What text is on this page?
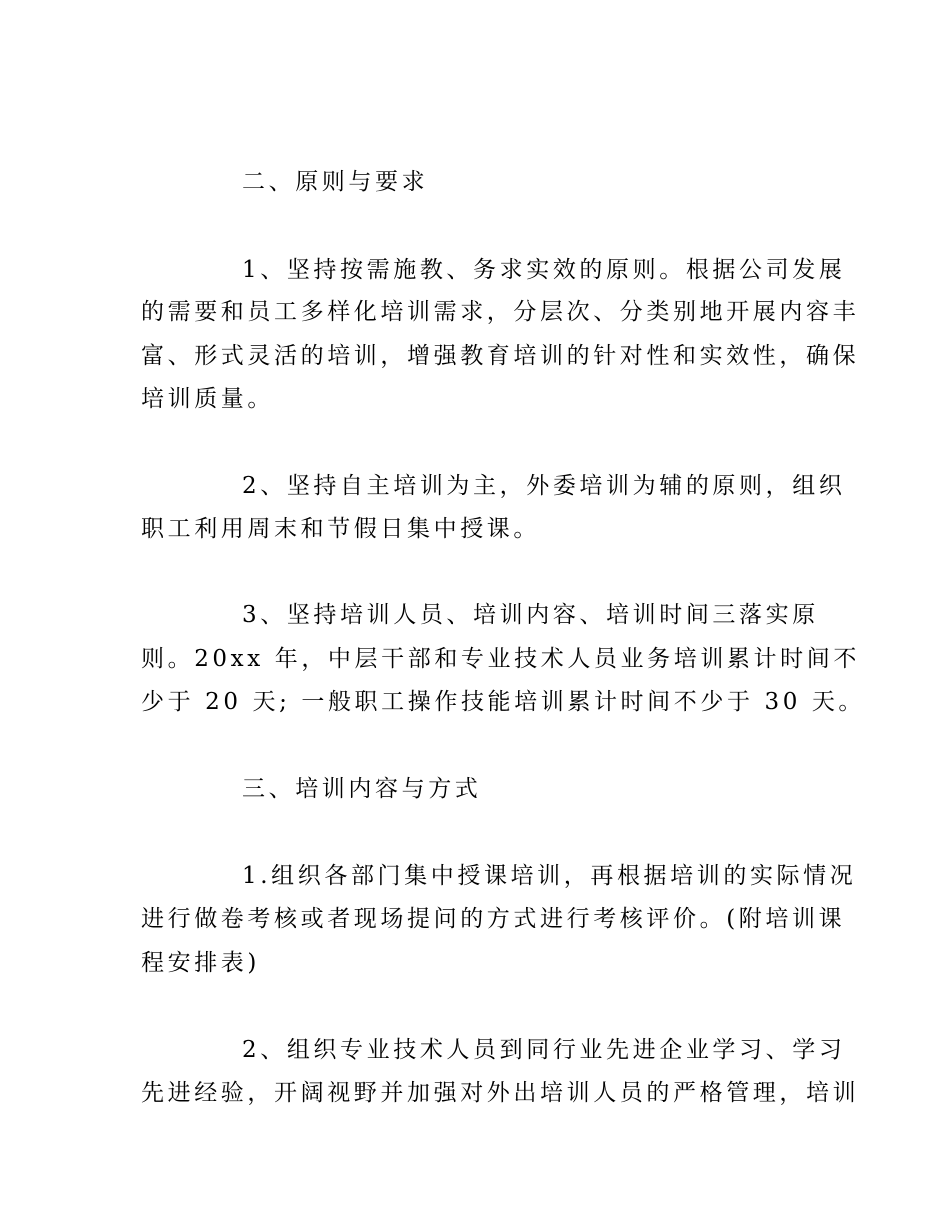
二、原则与要求
1、坚持按需施教、务求实效的原则。根据公司发展
的需要和员工多样化培训需求，分层次、分类别地开展内容丰
富、形式灵活的培训，增强教育培训的针对性和实效性，确保
培训质量。
2、坚持自主培训为主，外委培训为辅的原则，组织
职工利用周末和节假日集中授课。
3、坚持培训人员、培训内容、培训时间三落实原
则。20xx 年，中层干部和专业技术人员业务培训累计时间不
少于 20 天; 一般职工操作技能培训累计时间不少于 30 天。
三、培训内容与方式
1.组织各部门集中授课培训，再根据培训的实际情况
进行做卷考核或者现场提问的方式进行考核评价。(附培训课
程安排表)
2、组织专业技术人员到同行业先进企业学习、学习
先进经验，开阔视野并加强对外出培训人员的严格管理，培训
